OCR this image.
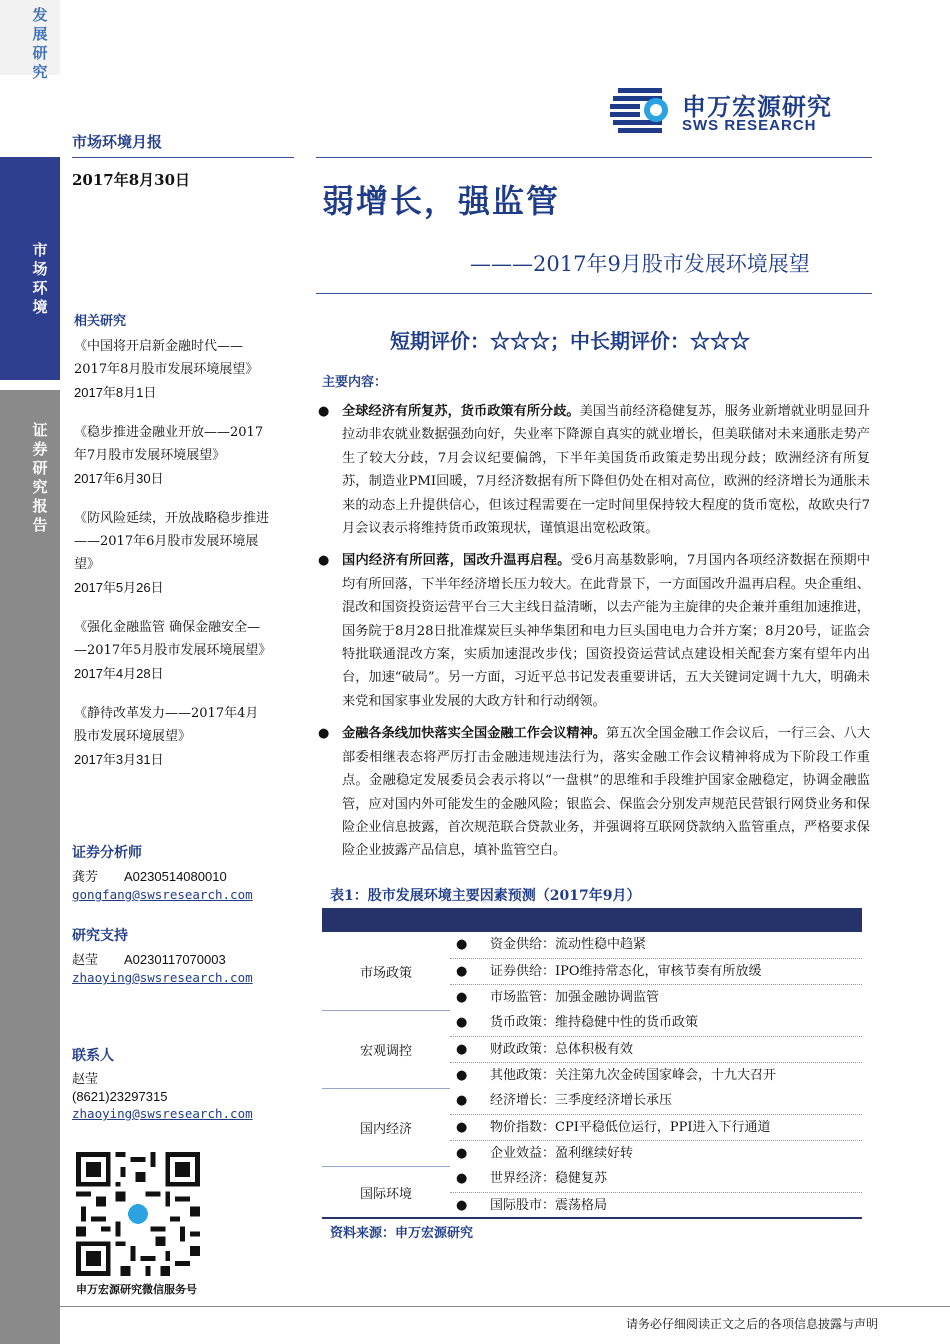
发展研究
市场环境
证券研究报告
申万宏源研究
SWS RESEARCH
市场环境月报
2017年8月30日
弱增长，强监管
———2017年9月股市发展环境展望
短期评价：☆☆☆；中长期评价：☆☆☆
相关研究
《中国将开启新金融时代——
2017年8月股市发展环境展望》
2017年8月1日
《稳步推进金融业开放——2017
年7月股市发展环境展望》
2017年6月30日
《防风险延续，开放战略稳步推进
——2017年6月股市发展环境展
望》
2017年5月26日
《强化金融监管 确保金融安全—
—2017年5月股市发展环境展望》
2017年4月28日
《静待改革发力——2017年4月
股市发展环境展望》
2017年3月31日
证券分析师
龚芳 A0230514080010
gongfang@swsresearch.com
研究支持
赵莹 A0230117070003
zhaoying@swsresearch.com
联系人
赵莹
(8621)23297315
zhaoying@swsresearch.com
申万宏源研究微信服务号
主要内容：
● 全球经济有所复苏，货币政策有所分歧。美国当前经济稳健复苏，服务业新增就业明显回升拉动非农就业数据强劲向好，失业率下降源自真实的就业增长，但美联储对未来通胀走势产生了较大分歧，7月会议纪要偏鸽，下半年美国货币政策走势出现分歧；欧洲经济有所复苏，制造业PMI回暖，7月经济数据有所下降但仍处在相对高位，欧洲的经济增长为通胀未来的动态上升提供信心，但该过程需要在一定时间里保持较大程度的货币宽松，故欧央行7月会议表示将维持货币政策现状，谨慎退出宽松政策。
● 国内经济有所回落，国改升温再启程。受6月高基数影响，7月国内各项经济数据在预期中均有所回落，下半年经济增长压力较大。在此背景下，一方面国改升温再启程。央企重组、混改和国资投资运营平台三大主线日益清晰，以去产能为主旋律的央企兼并重组加速推进，国务院于8月28日批准煤炭巨头神华集团和电力巨头国电电力合并方案；8月20号，证监会特批联通混改方案，实质加速混改步伐；国资投资运营试点建设相关配套方案有望年内出台，加速“破局”。另一方面，习近平总书记发表重要讲话，五大关键词定调十九大，明确未来党和国家事业发展的大政方针和行动纲领。
● 金融各条线加快落实全国金融工作会议精神。第五次全国金融工作会议后，一行三会、八大部委相继表态将严厉打击金融违规违法行为，落实金融工作会议精神将成为下阶段工作重点。金融稳定发展委员会表示将以“一盘棋”的思维和手段维护国家金融稳定，协调金融监管，应对国内外可能发生的金融风险；银监会、保监会分别发声规范民营银行网贷业务和保险企业信息披露，首次规范联合贷款业务，并强调将互联网贷款纳入监管重点，严格要求保险企业披露产品信息，填补监管空白。
表1：股市发展环境主要因素预测（2017年9月）
● 资金供给：流动性稳中趋紧
● 证券供给：IPO维持常态化，审核节奏有所放缓
● 市场监管：加强金融协调监管
市场政策
● 货币政策：维持稳健中性的货币政策
● 财政政策：总体积极有效
● 其他政策：关注第九次金砖国家峰会，十九大召开
宏观调控
● 经济增长：三季度经济增长承压
● 物价指数：CPI平稳低位运行，PPI进入下行通道
● 企业效益：盈利继续好转
国内经济
● 世界经济：稳健复苏
● 国际股市：震荡格局
国际环境
资料来源：申万宏源研究
请务必仔细阅读正文之后的各项信息披露与声明
